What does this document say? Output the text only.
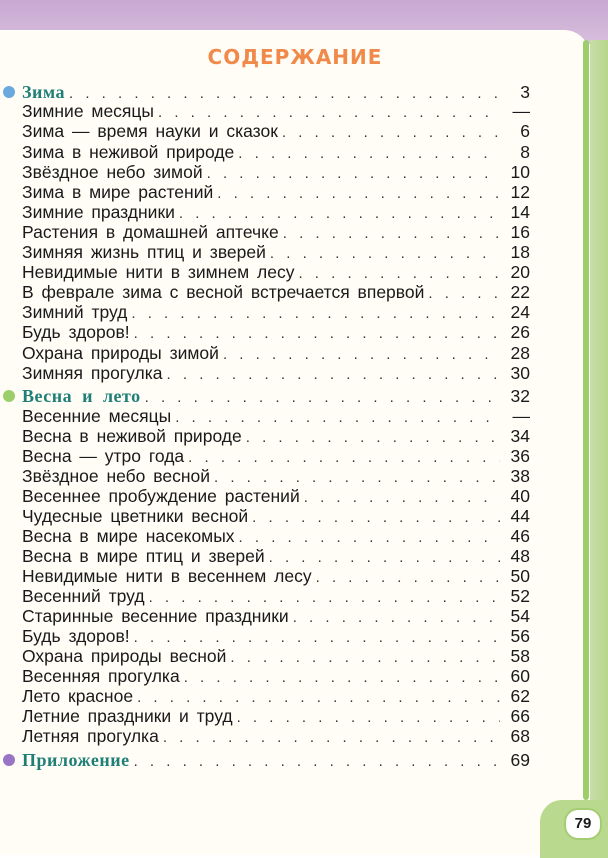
СОДЕРЖАНИЕ
Зима . . .	3
Зимние месяцы . . .	—
Зима — время науки и сказок . . .	6
Зима в неживой природе . . .	8
Звёздное небо зимой . . .	10
Зима в мире растений . . .	12
Зимние праздники . . .	14
Растения в домашней аптечке . . .	16
Зимняя жизнь птиц и зверей . . .	18
Невидимые нити в зимнем лесу . . .	20
В феврале зима с весной встречается впервой . . .	22
Зимний труд . . .	24
Будь здоров! . . .	26
Охрана природы зимой . . .	28
Зимняя прогулка . . .	30
Весна и лето . . .	32
Весенние месяцы . . .	—
Весна в неживой природе . . .	34
Весна — утро года . . .	36
Звёздное небо весной . . .	38
Весеннее пробуждение растений . . .	40
Чудесные цветники весной . . .	44
Весна в мире насекомых . . .	46
Весна в мире птиц и зверей . . .	48
Невидимые нити в весеннем лесу . . .	50
Весенний труд . . .	52
Старинные весенние праздники . . .	54
Будь здоров! . . .	56
Охрана природы весной . . .	58
Весенняя прогулка . . .	60
Лето красное . . .	62
Летние праздники и труд . . .	66
Летняя прогулка . . .	68
Приложение . . .	69
79
